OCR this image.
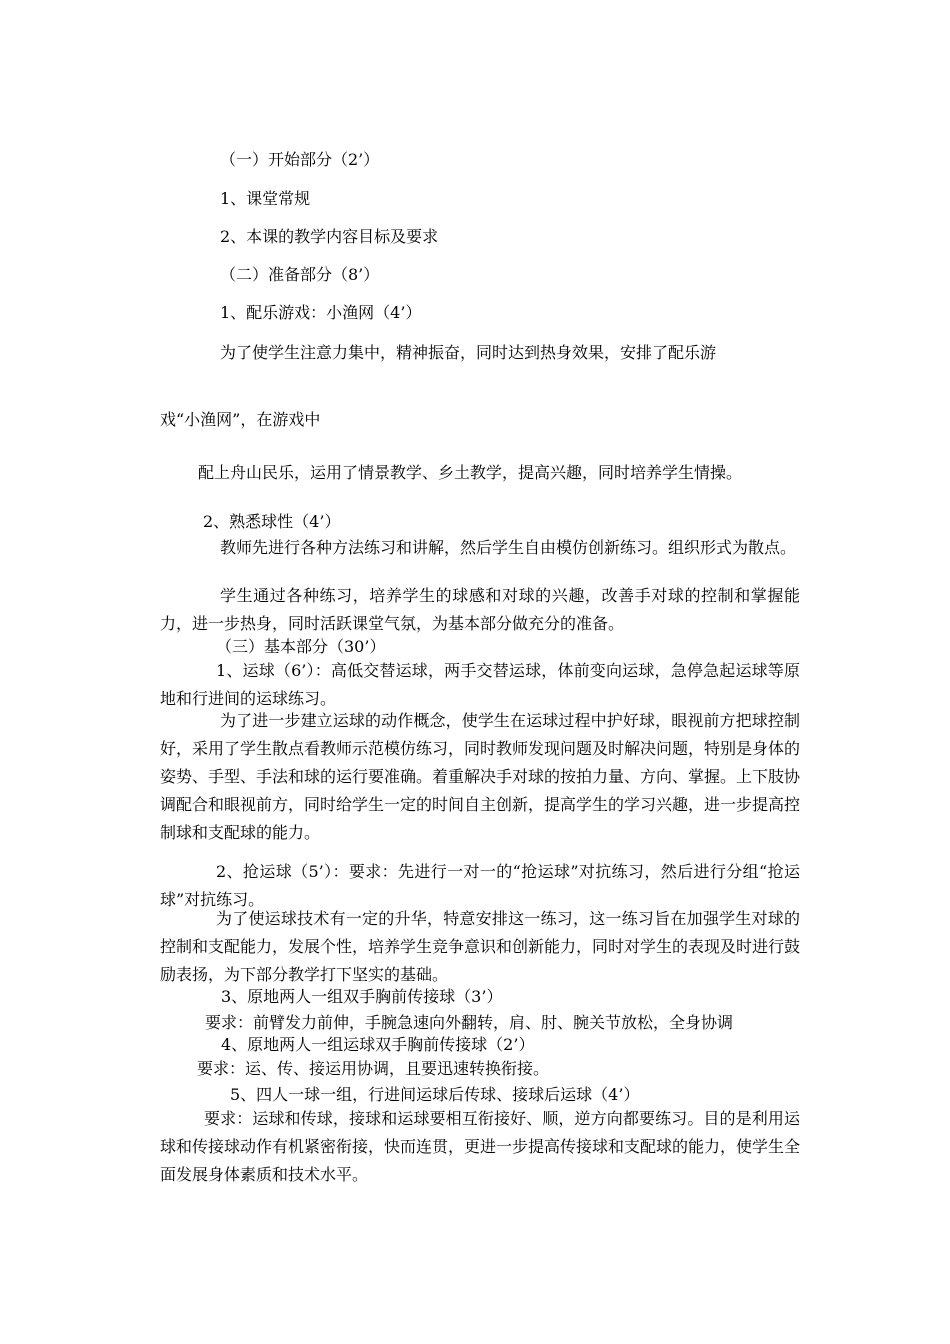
（一）开始部分（2’）

1、课堂常规

2、本课的教学内容目标及要求

（二）准备部分（8’）

1、配乐游戏：小渔网（4’）

为了使学生注意力集中，精神振奋，同时达到热身效果，安排了配乐游

戏“小渔网”，在游戏中

配上舟山民乐，运用了情景教学、乡土教学，提高兴趣，同时培养学生情操。

2、熟悉球性（4’）

教师先进行各种方法练习和讲解，然后学生自由模仿创新练习。组织形式为散点。

学生通过各种练习，培养学生的球感和对球的兴趣，改善手对球的控制和掌握能力，进一步热身，同时活跃课堂气氛，为基本部分做充分的准备。

（三）基本部分（30’）

1、运球（6’）：高低交替运球，两手交替运球，体前变向运球，急停急起运球等原地和行进间的运球练习。

为了进一步建立运球的动作概念，使学生在运球过程中护好球，眼视前方把球控制好，采用了学生散点看教师示范模仿练习，同时教师发现问题及时解决问题，特别是身体的姿势、手型、手法和球的运行要准确。着重解决手对球的按拍力量、方向、掌握。上下肢协调配合和眼视前方，同时给学生一定的时间自主创新，提高学生的学习兴趣，进一步提高控制球和支配球的能力。

2、抢运球（5’）：要求：先进行一对一的“抢运球”对抗练习，然后进行分组“抢运球”对抗练习。

为了使运球技术有一定的升华，特意安排这一练习，这一练习旨在加强学生对球的控制和支配能力，发展个性，培养学生竞争意识和创新能力，同时对学生的表现及时进行鼓励表扬，为下部分教学打下坚实的基础。

3、原地两人一组双手胸前传接球（3’）

要求：前臂发力前伸，手腕急速向外翻转，肩、肘、腕关节放松，全身协调

4、原地两人一组运球双手胸前传接球（2’）

要求：运、传、接运用协调，且要迅速转换衔接。

5、四人一球一组，行进间运球后传球、接球后运球（4’）

要求：运球和传球，接球和运球要相互衔接好、顺，逆方向都要练习。目的是利用运球和传接球动作有机紧密衔接，快而连贯，更进一步提高传接球和支配球的能力，使学生全面发展身体素质和技术水平。
